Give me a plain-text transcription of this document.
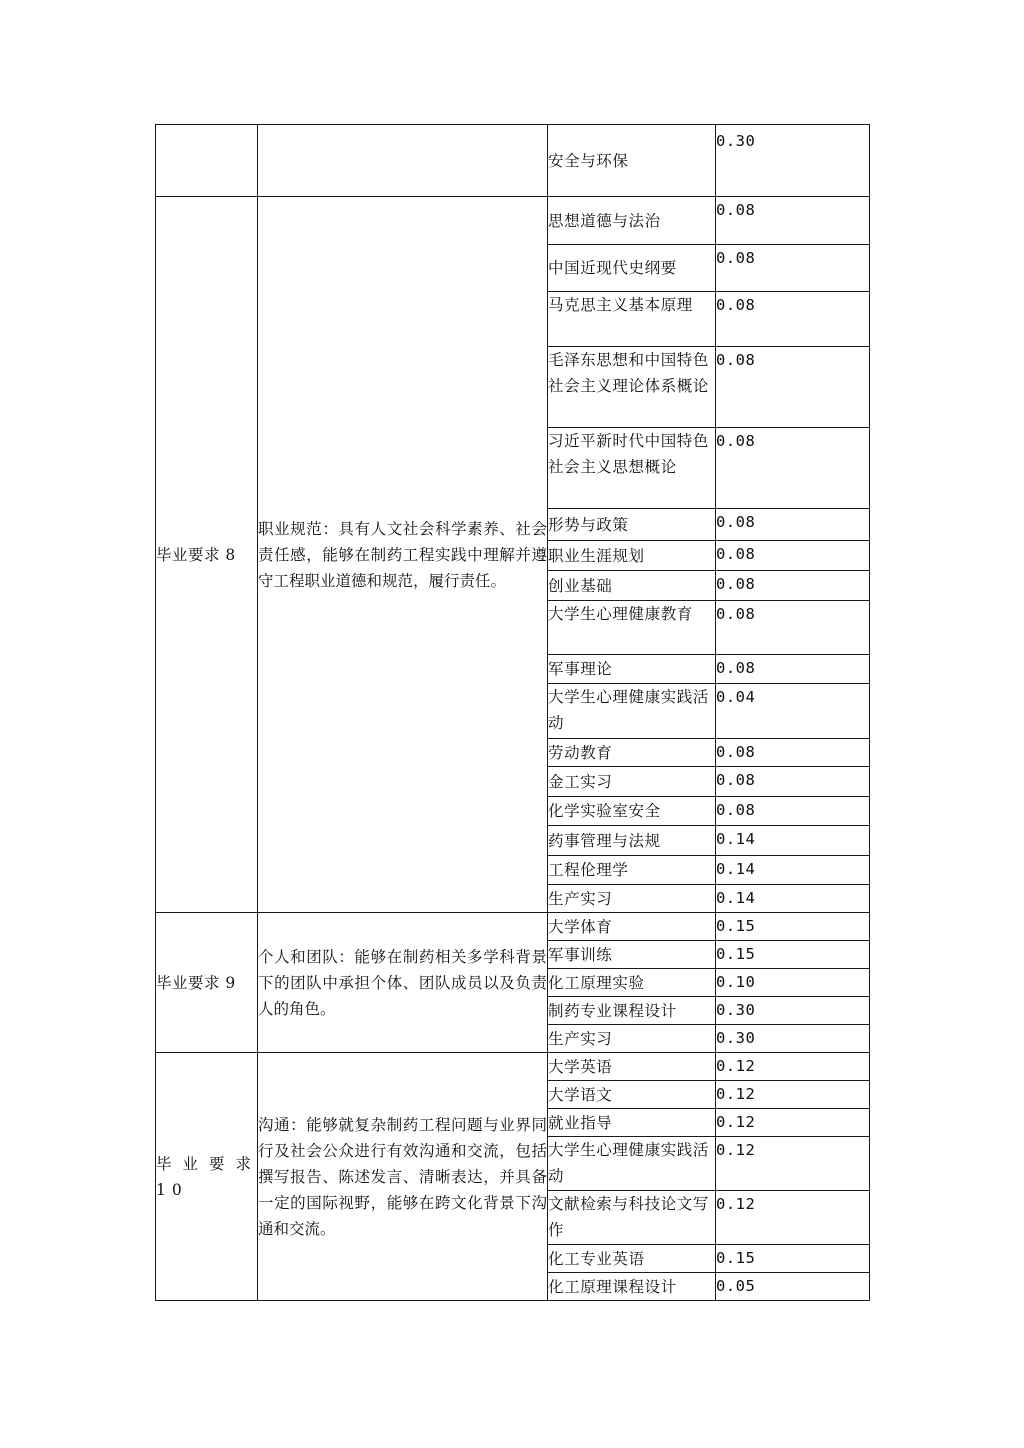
		安全与环保	0.30
毕业要求 8	职业规范：具有人文社会科学素养、社会责任感，能够在制药工程实践中理解并遵守工程职业道德和规范，履行责任。	思想道德与法治	0.08
		中国近现代史纲要	0.08
		马克思主义基本原理	0.08
		毛泽东思想和中国特色社会主义理论体系概论	0.08
		习近平新时代中国特色社会主义思想概论	0.08
		形势与政策	0.08
		职业生涯规划	0.08
		创业基础	0.08
		大学生心理健康教育	0.08
		军事理论	0.08
		大学生心理健康实践活动	0.04
		劳动教育	0.08
		金工实习	0.08
		化学实验室安全	0.08
		药事管理与法规	0.14
		工程伦理学	0.14
		生产实习	0.14
毕业要求 9	个人和团队：能够在制药相关多学科背景下的团队中承担个体、团队成员以及负责人的角色。	大学体育	0.15
		军事训练	0.15
		化工原理实验	0.10
		制药专业课程设计	0.30
		生产实习	0.30
毕业要求 10	沟通：能够就复杂制药工程问题与业界同行及社会公众进行有效沟通和交流，包括撰写报告、陈述发言、清晰表达，并具备一定的国际视野，能够在跨文化背景下沟通和交流。	大学英语	0.12
		大学语文	0.12
		就业指导	0.12
		大学生心理健康实践活动	0.12
		文献检索与科技论文写作	0.12
		化工专业英语	0.15
		化工原理课程设计	0.05
